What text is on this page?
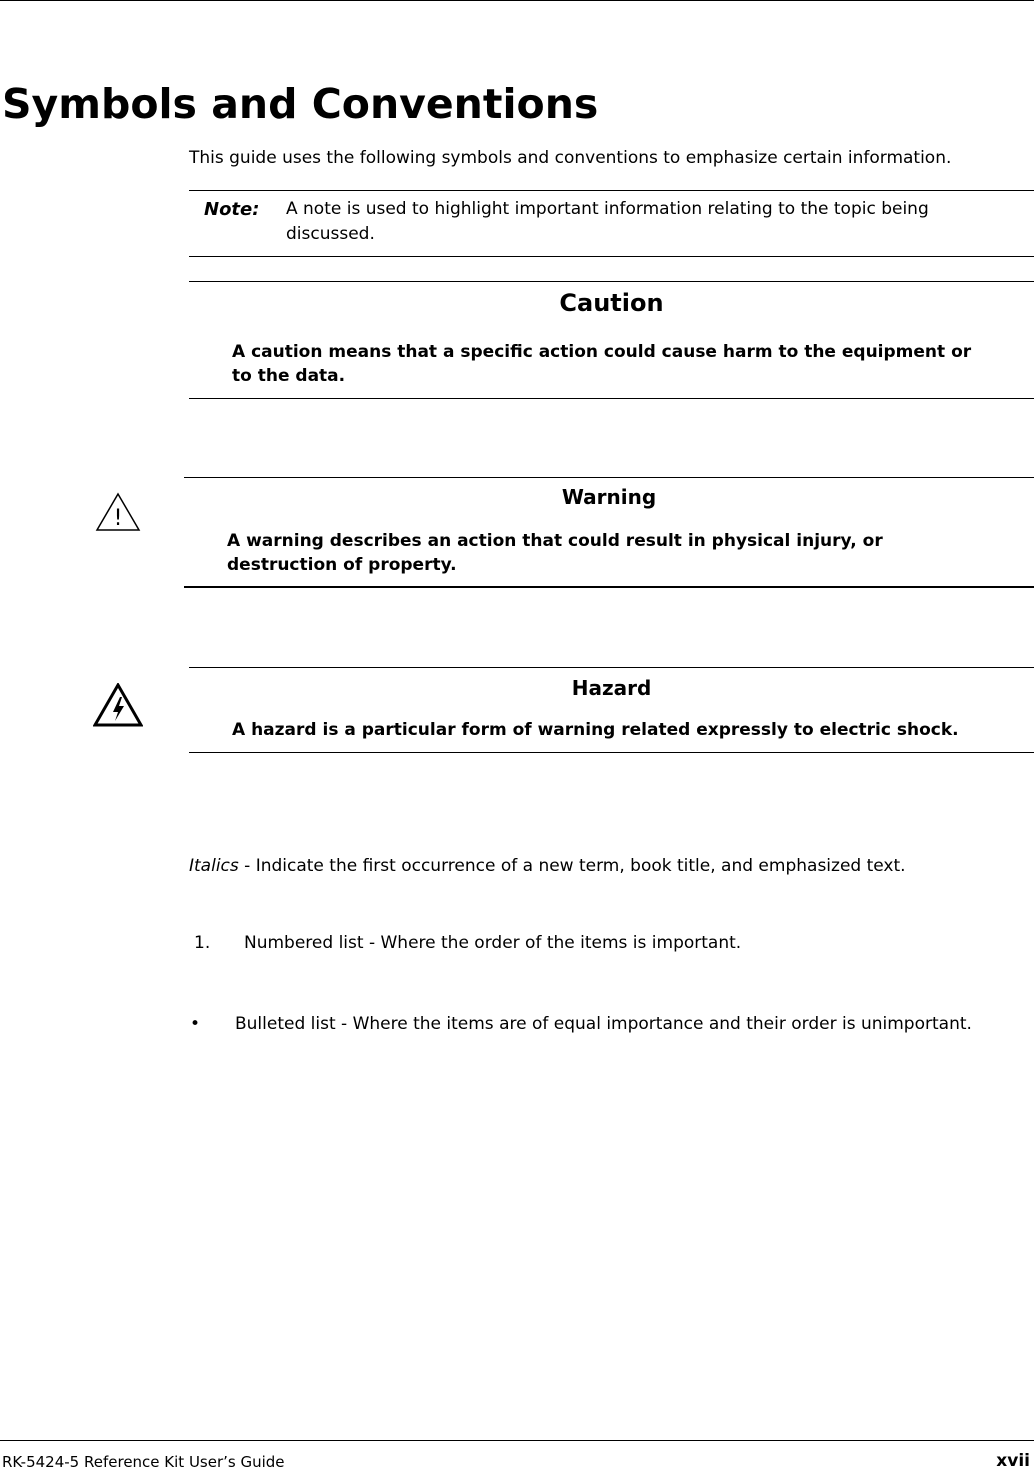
Symbols and Conventions
This guide uses the following symbols and conventions to emphasize certain information.
Note: A note is used to highlight important information relating to the topic being discussed.
Caution
A caution means that a specific action could cause harm to the equipment or to the data.
!
Warning
A warning describes an action that could result in physical injury, or destruction of property.
Hazard
A hazard is a particular form of warning related expressly to electric shock.
Italics - Indicate the first occurrence of a new term, book title, and emphasized text.
1. Numbered list - Where the order of the items is important.
• Bulleted list - Where the items are of equal importance and their order is unimportant.
RK-5424-5 Reference Kit User’s Guide	xvii
